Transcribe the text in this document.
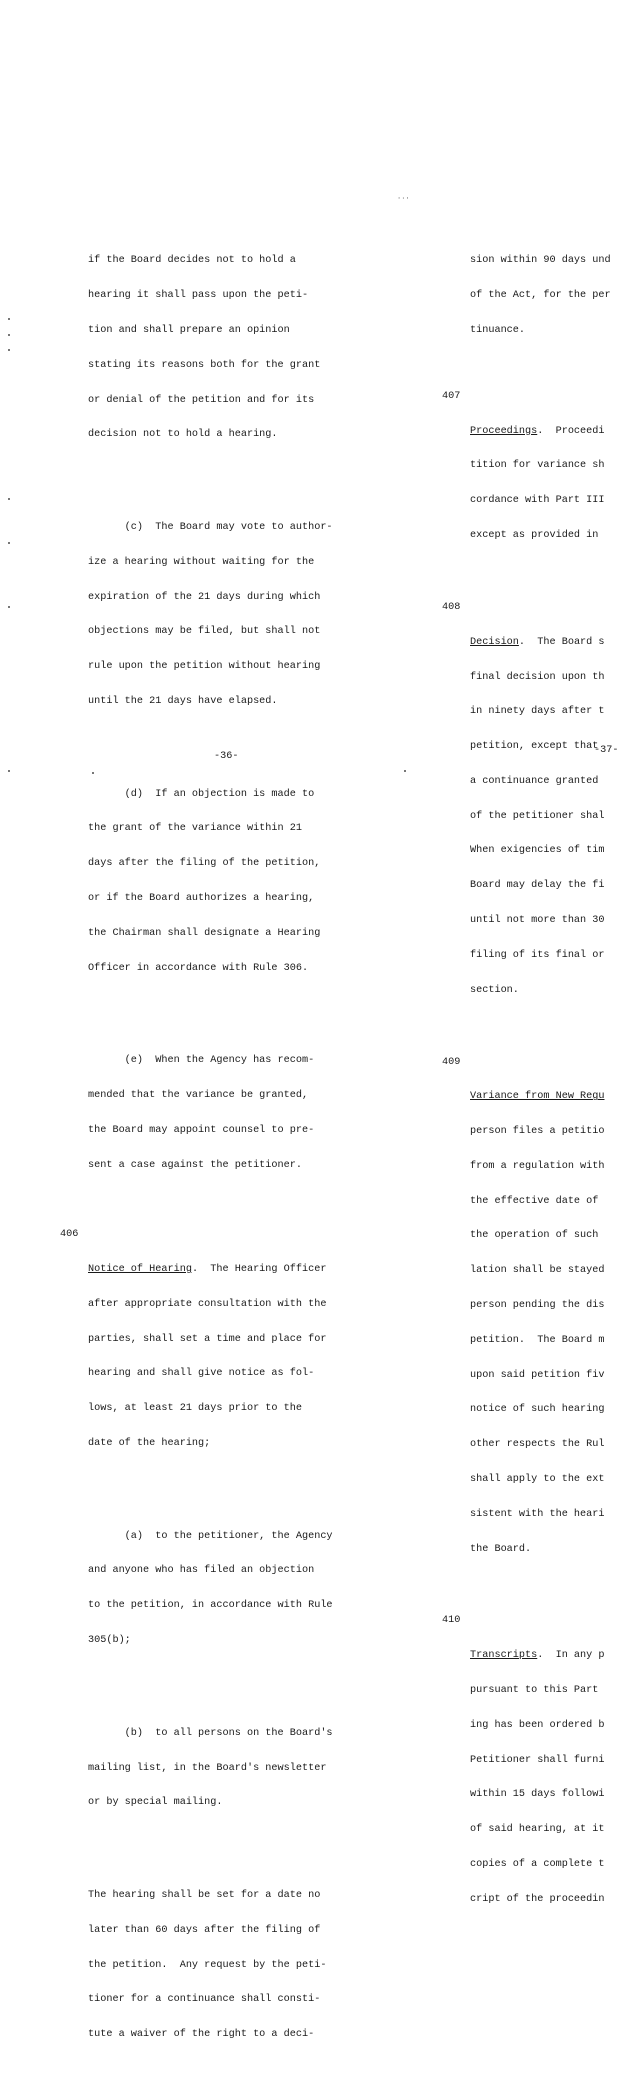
·∙·

if the Board decides not to hold a

hearing it shall pass upon the peti-

tion and shall prepare an opinion

stating its reasons both for the grant

or denial of the petition and for its

decision not to hold a hearing.

(c)  The Board may vote to author-

ize a hearing without waiting for the

expiration of the 21 days during which

objections may be filed, but shall not

rule upon the petition without hearing

until the 21 days have elapsed.

(d)  If an objection is made to

the grant of the variance within 21

days after the filing of the petition,

or if the Board authorizes a hearing,

the Chairman shall designate a Hearing

Officer in accordance with Rule 306.

(e)  When the Agency has recom-

mended that the variance be granted,

the Board may appoint counsel to pre-

sent a case against the petitioner.

406

Notice of Hearing.  The Hearing Officer

after appropriate consultation with the

parties, shall set a time and place for

hearing and shall give notice as fol-

lows, at least 21 days prior to the

date of the hearing;

(a)  to the petitioner, the Agency

and anyone who has filed an objection

to the petition, in accordance with Rule

305(b);

(b)  to all persons on the Board's

mailing list, in the Board's newsletter

or by special mailing.

The hearing shall be set for a date no

later than 60 days after the filing of

the petition.  Any request by the peti-

tioner for a continuance shall consti-

tute a waiver of the right to a deci-

-36-

sion within 90 days und

of the Act, for the per

tinuance.

407

Proceedings.  Proceedi

tition for variance sh

cordance with Part III

except as provided in

408

Decision.  The Board s

final decision upon th

in ninety days after t

petition, except that

a continuance granted

of the petitioner shal

When exigencies of tim

Board may delay the fi

until not more than 30

filing of its final or

section.

409

Variance from New Regu

person files a petitio

from a regulation with

the effective date of

the operation of such

lation shall be stayed

person pending the dis

petition.  The Board m

upon said petition fiv

notice of such hearing

other respects the Rul

shall apply to the ext

sistent with the heari

the Board.

410

Transcripts.  In any p

pursuant to this Part

ing has been ordered b

Petitioner shall furni

within 15 days followi

of said hearing, at it

copies of a complete t

cript of the proceedin

-37-
